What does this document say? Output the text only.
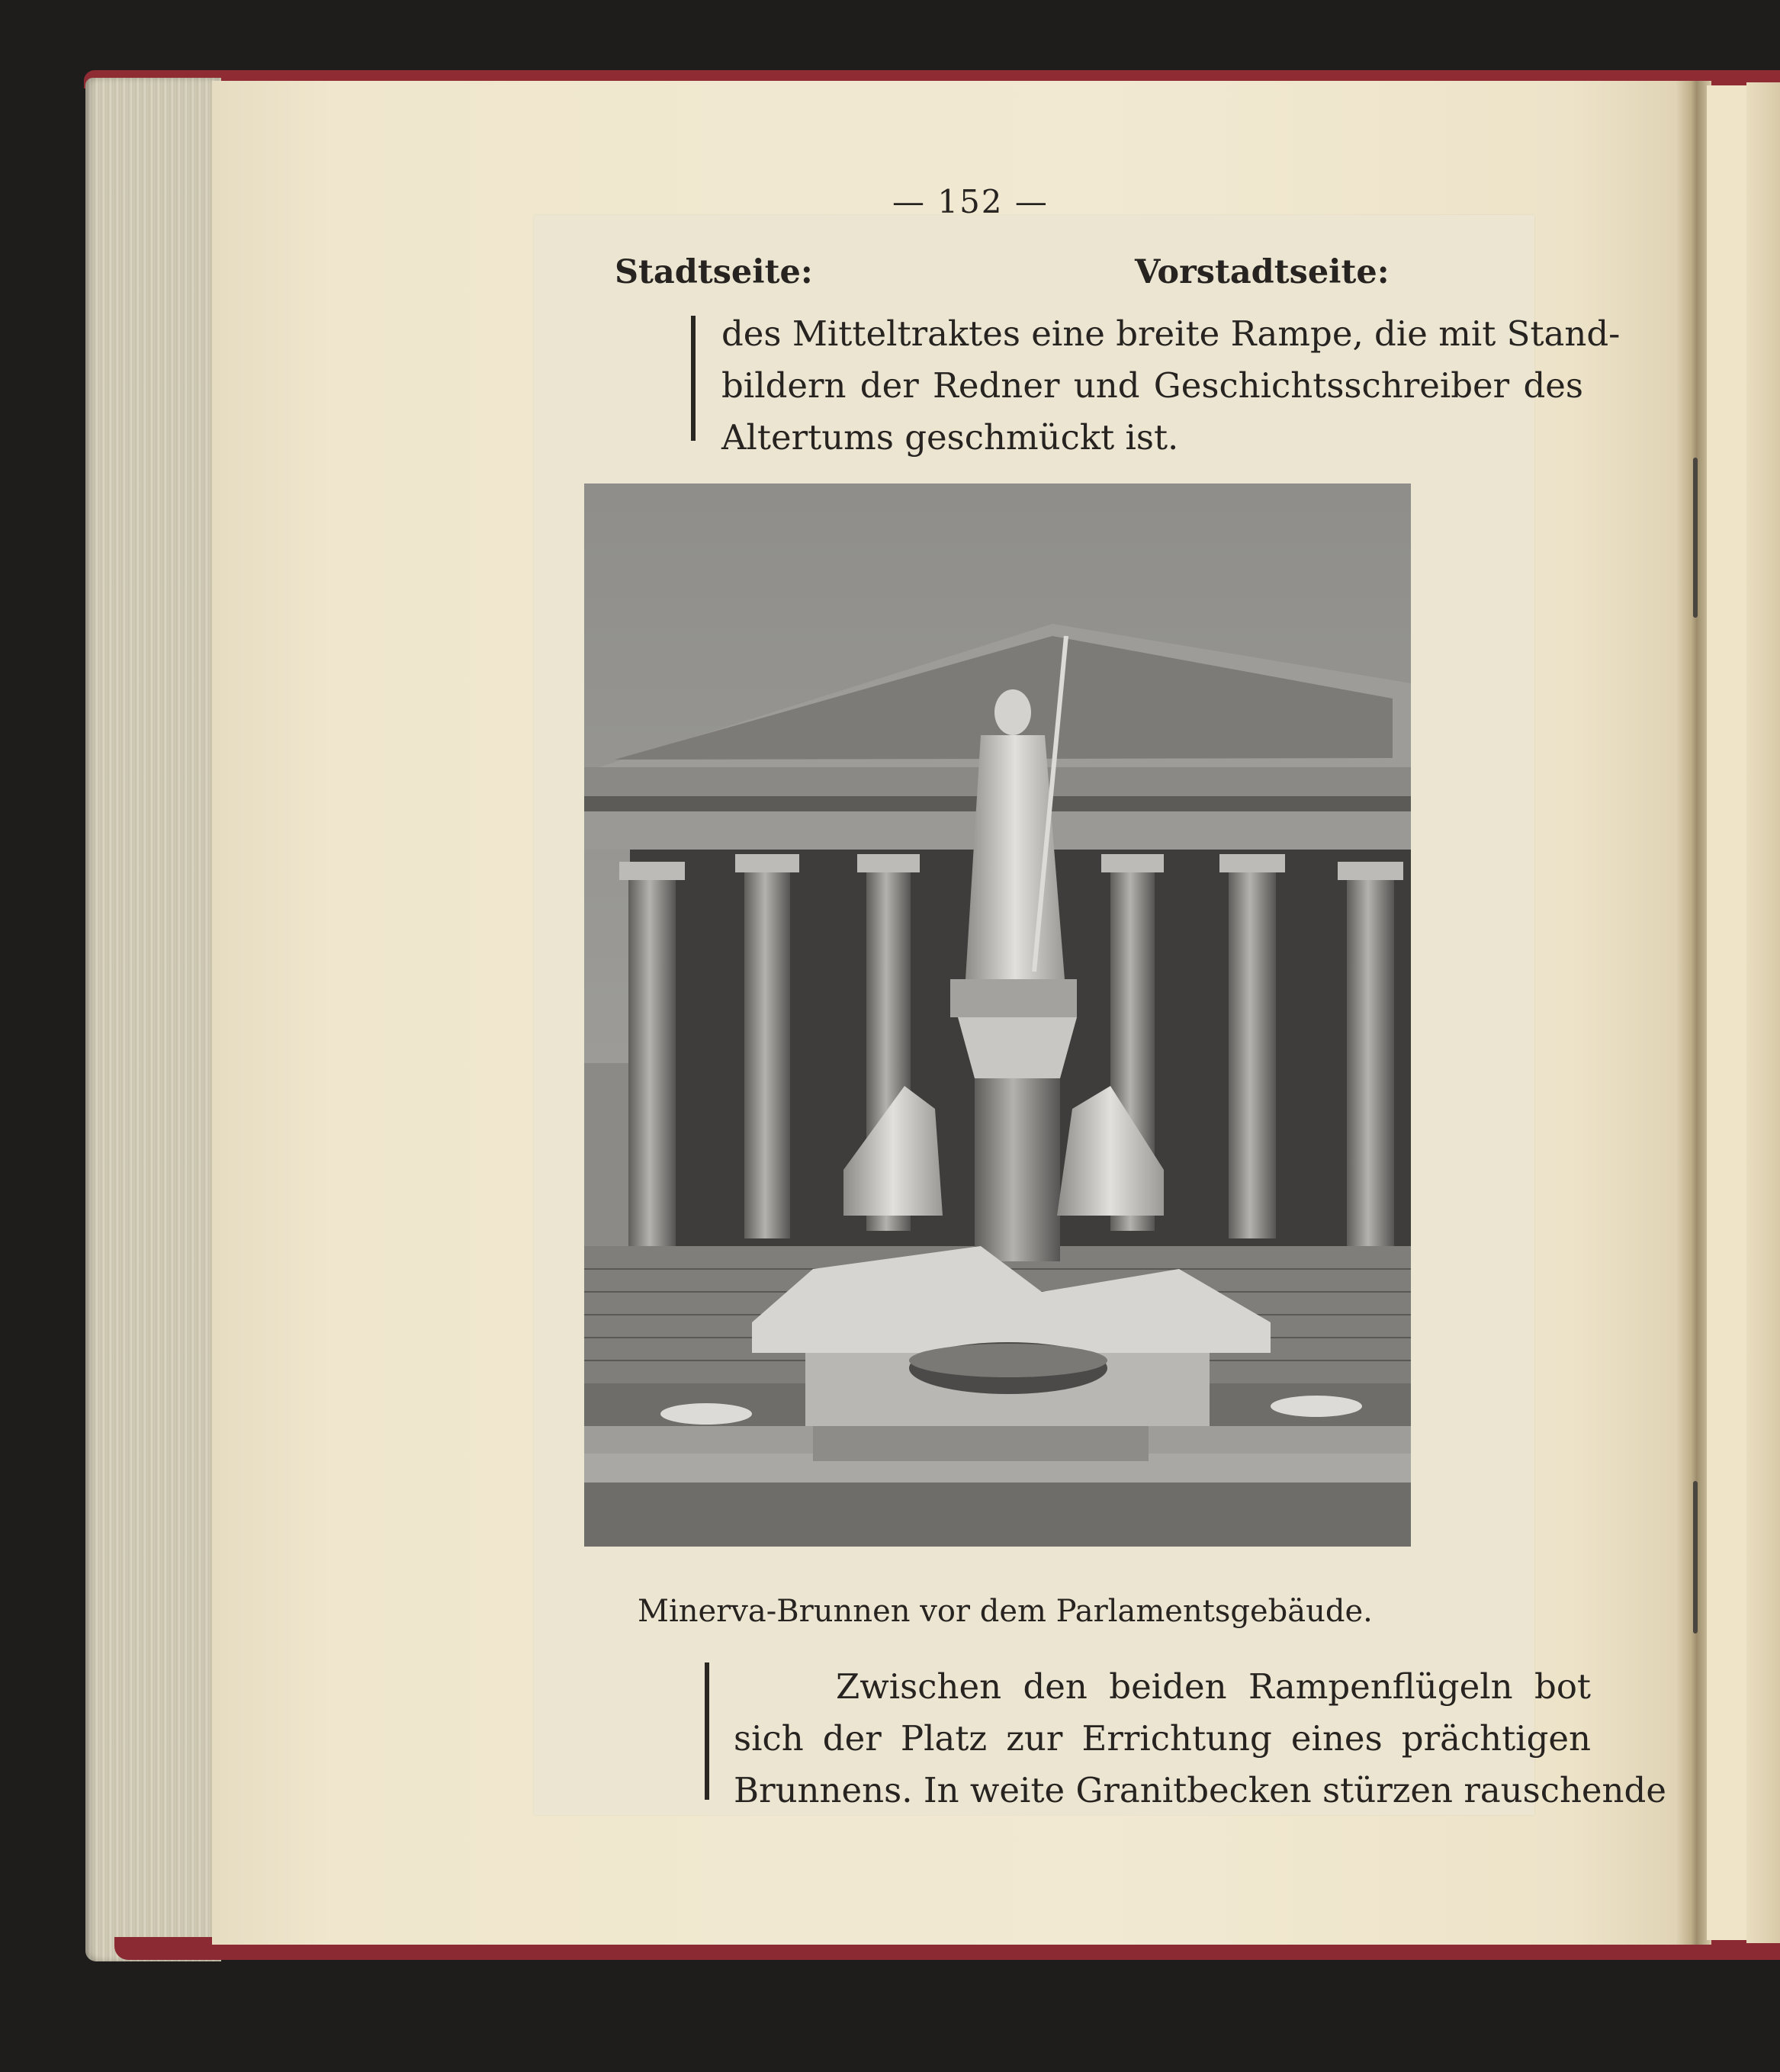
— 152 —
Stadtseite:	Vorstadtseite:
des Mitteltraktes eine breite Rampe, die mit Stand-
bildern der Redner und Geschichtsschreiber des
Altertums geschmückt ist.
Minerva-Brunnen vor dem Parlamentsgebäude.
Zwischen den beiden Rampenflügeln bot
sich der Platz zur Errichtung eines prächtigen
Brunnens. In weite Granitbecken stürzen rauschende
